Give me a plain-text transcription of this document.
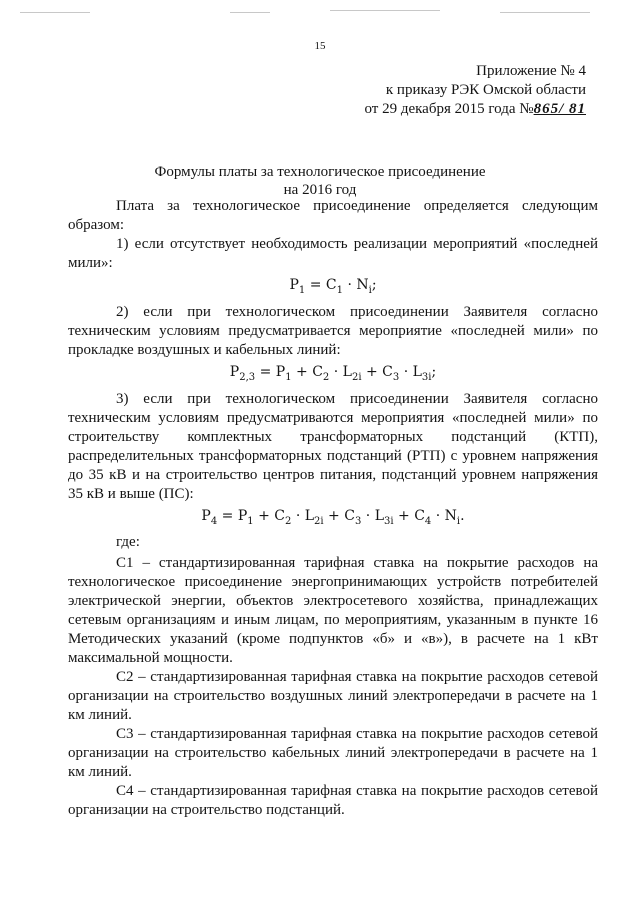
15
Приложение № 4
к приказу РЭК Омской области
от 29 декабря 2015 года №865/ 81
Формулы платы за технологическое присоединение
на 2016 год

Плата за технологическое присоединение определяется следующим образом:

1) если отсутствует необходимость реализации мероприятий «последней мили»:

$P_1 = C_1 \cdot N_i$;

2) если при технологическом присоединении Заявителя согласно техническим условиям предусматривается мероприятие «последней мили» по прокладке воздушных и кабельных линий:

$P_{2,3} = P_1 + C_2 \cdot L_{2i} + C_3 \cdot L_{3i}$;

3) если при технологическом присоединении Заявителя согласно техническим условиям предусматриваются мероприятия «последней мили» по строительству комплектных трансформаторных подстанций (КТП), распределительных трансформаторных подстанций (РТП) с уровнем напряжения до 35 кВ и на строительство центров питания, подстанций уровнем напряжения 35 кВ и выше (ПС):

$P_4 = P_1 + C_2 \cdot L_{2i} + C_3 \cdot L_{3i} + C_4 \cdot N_i$.

где:

С1 – стандартизированная тарифная ставка на покрытие расходов на технологическое присоединение энергопринимающих устройств потребителей электрической энергии, объектов электросетевого хозяйства, принадлежащих сетевым организациям и иным лицам, по мероприятиям, указанным в пункте 16 Методических указаний (кроме подпунктов «б» и «в»), в расчете на 1 кВт максимальной мощности.

С2 – стандартизированная тарифная ставка на покрытие расходов сетевой организации на строительство воздушных линий электропередачи в расчете на 1 км линий.

С3 – стандартизированная тарифная ставка на покрытие расходов сетевой организации на строительство кабельных линий электропередачи в расчете на 1 км линий.

С4 – стандартизированная тарифная ставка на покрытие расходов сетевой организации на строительство подстанций.
